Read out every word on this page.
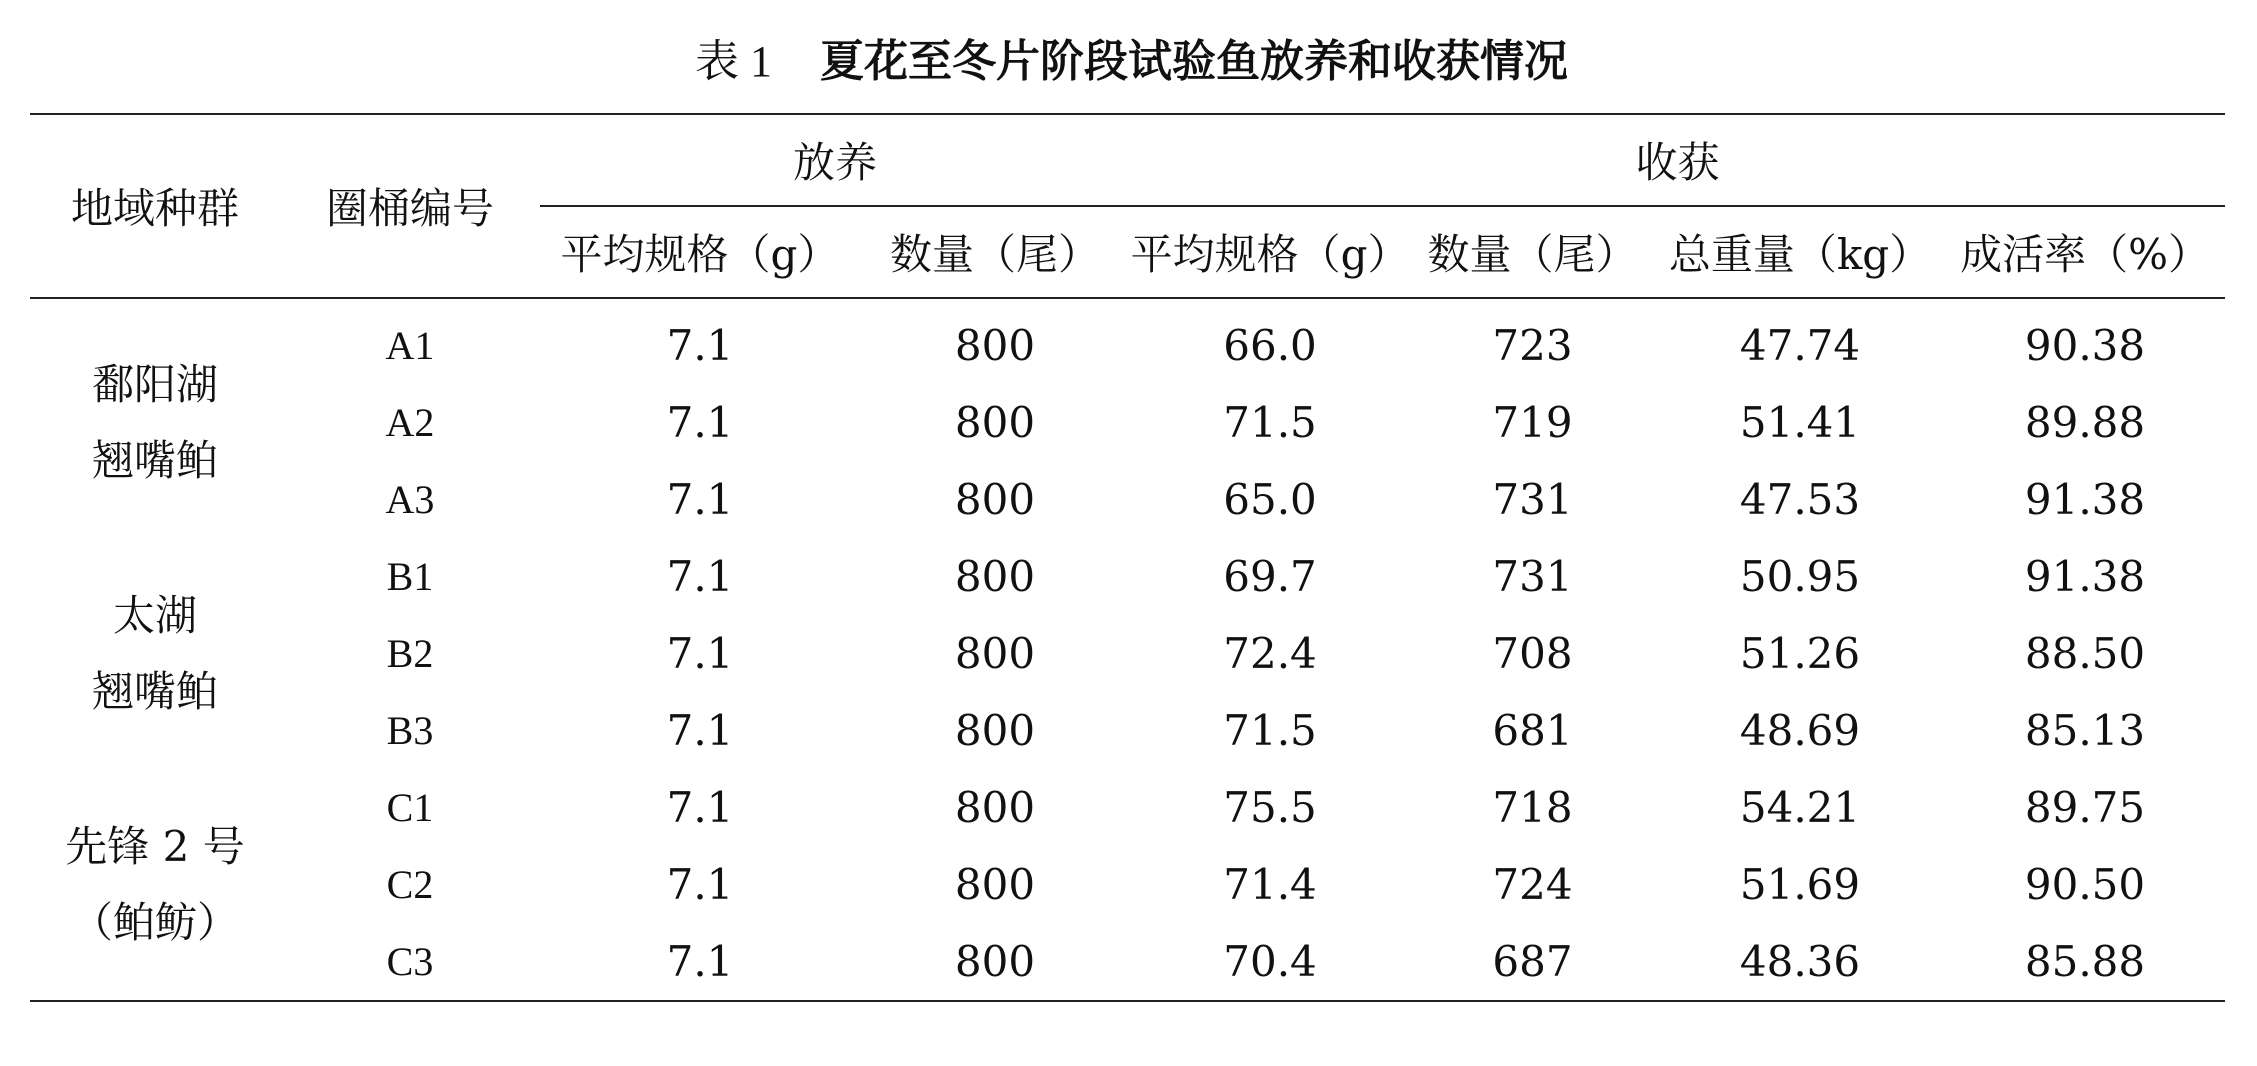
表 1 夏花至冬片阶段试验鱼放养和收获情况
地域种群	圈桶编号	放养		收获			
		平均规格（g）	数量（尾）	平均规格（g）	数量（尾）	总重量（kg）	成活率（%）

鄱阳湖
翘嘴鲌	A1	7.1	800	66.0	723	47.74	90.38
	A2	7.1	800	71.5	719	51.41	89.88
	A3	7.1	800	65.0	731	47.53	91.38

太湖
翘嘴鲌	B1	7.1	800	69.7	731	50.95	91.38
	B2	7.1	800	72.4	708	51.26	88.50
	B3	7.1	800	71.5	681	48.69	85.13

先锋 2 号
（鲌鲂）	C1	7.1	800	75.5	718	54.21	89.75
	C2	7.1	800	71.4	724	51.69	90.50
	C3	7.1	800	70.4	687	48.36	85.88
